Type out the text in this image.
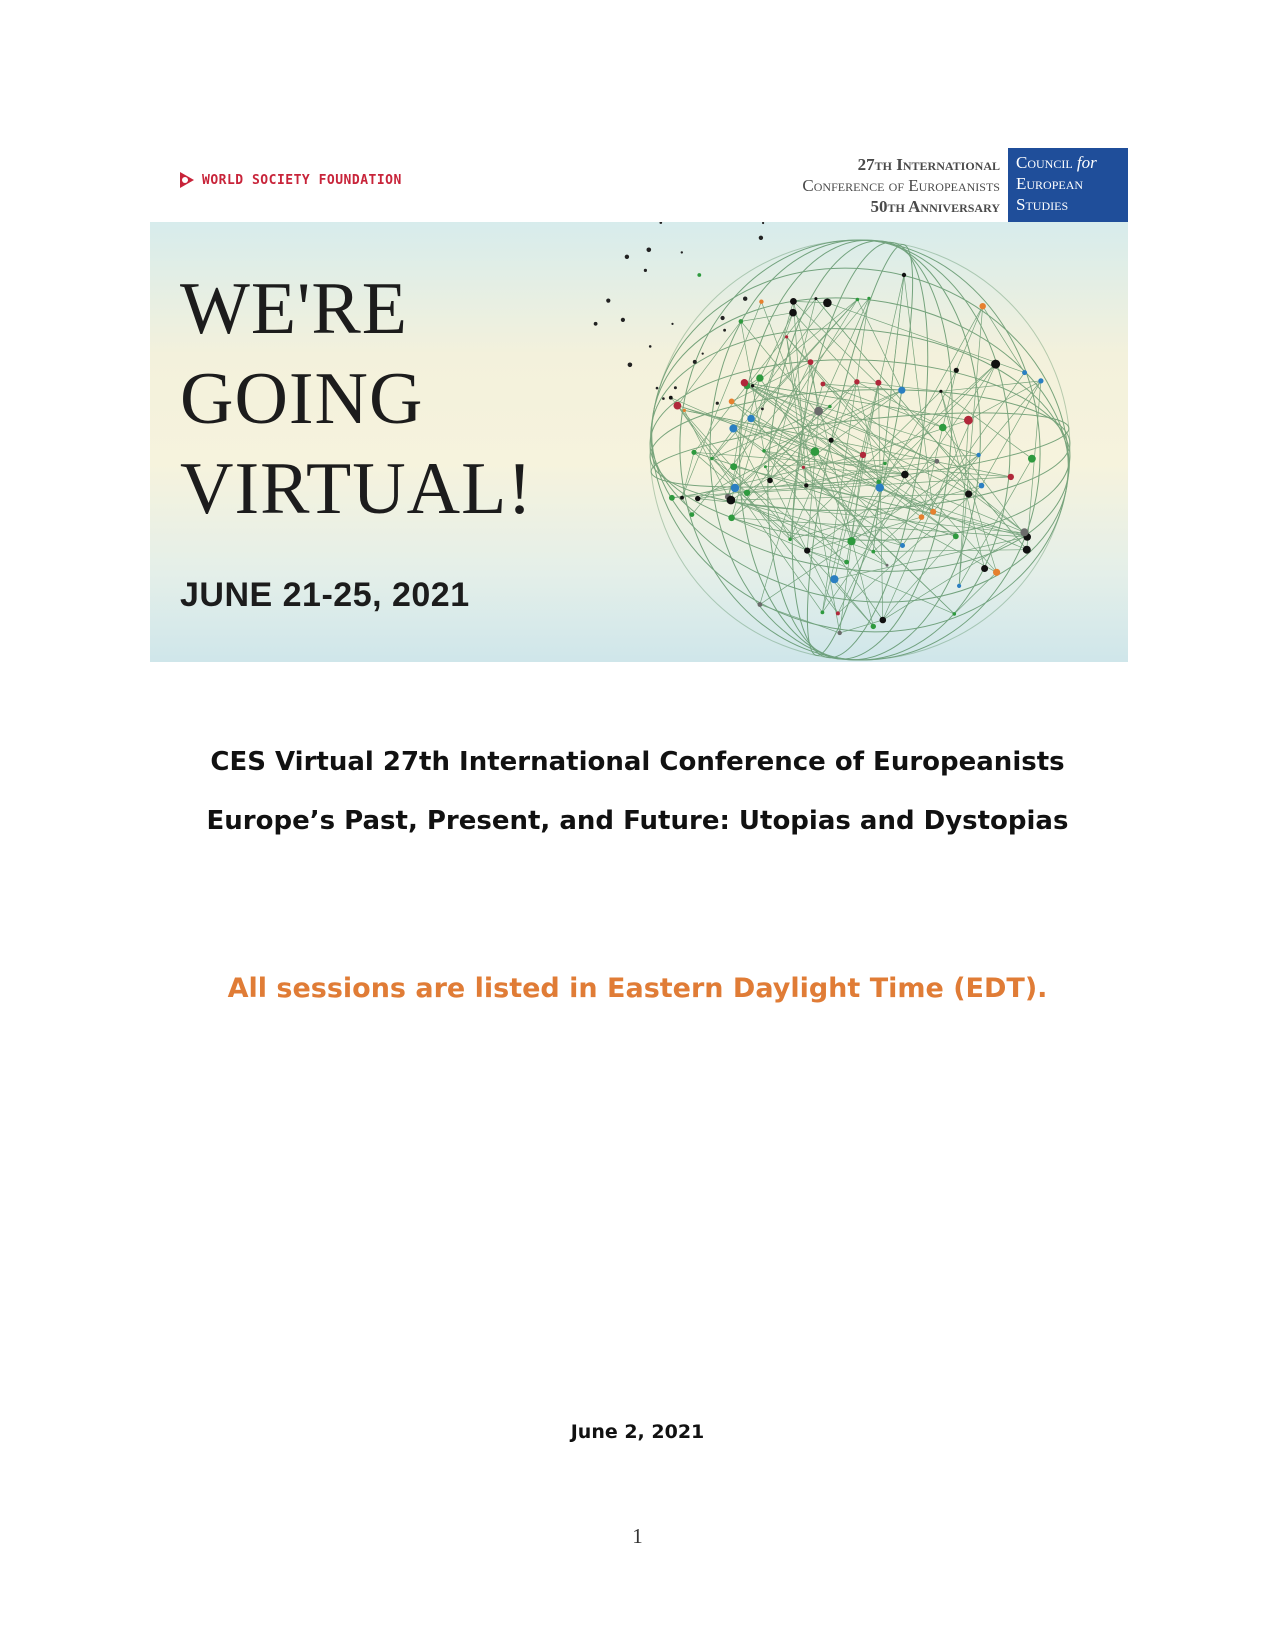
WORLD SOCIETY FOUNDATION
27th International
Conference of Europeanists
50th Anniversary
Council for
European
Studies
WE'RE
GOING
VIRTUAL!
JUNE 21-25, 2021
CES Virtual 27th International Conference of Europeanists
Europe’s Past, Present, and Future: Utopias and Dystopias
All sessions are listed in Eastern Daylight Time (EDT).
June 2, 2021
1
